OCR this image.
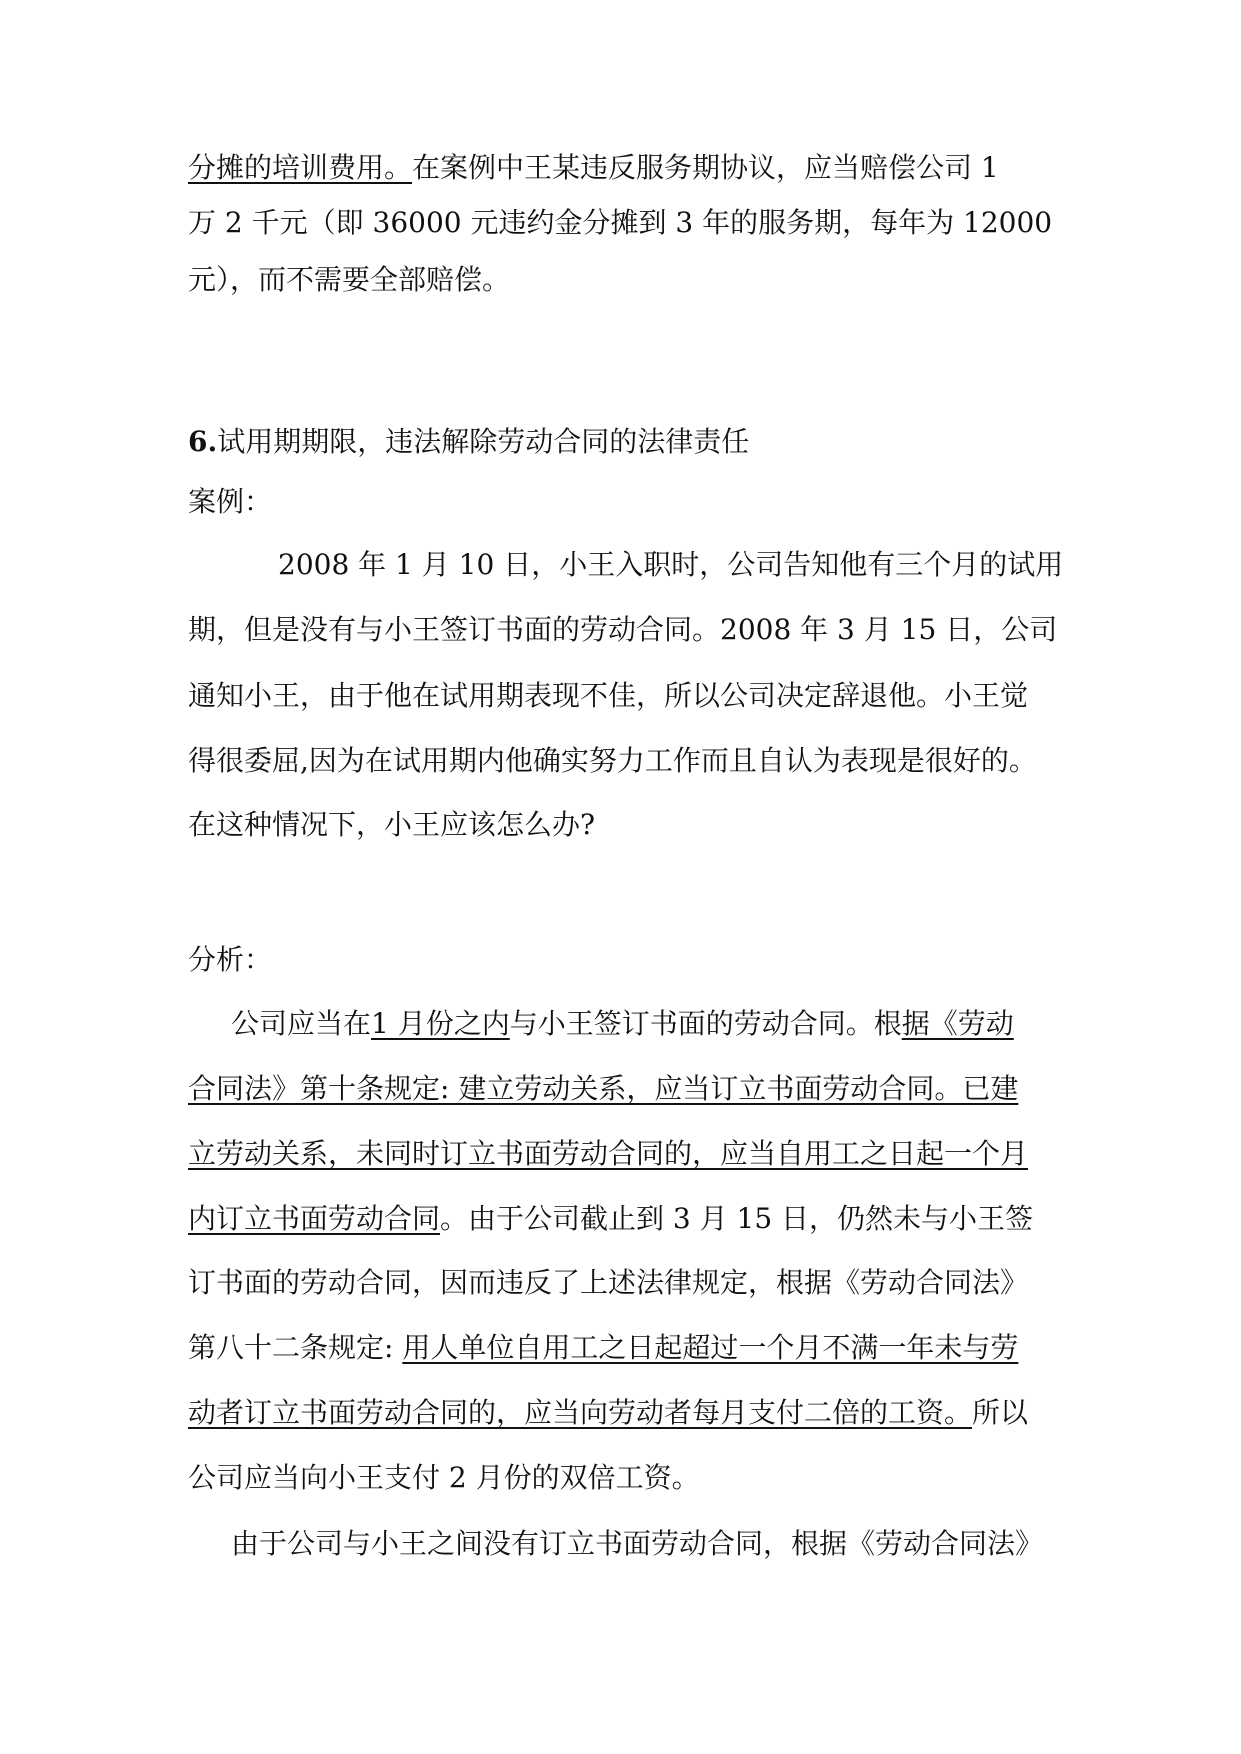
分摊的培训费用。在案例中王某违反服务期协议，应当赔偿公司 1
万 2 千元（即 36000 元违约金分摊到 3 年的服务期，每年为 12000
元），而不需要全部赔偿。
6.试用期期限，违法解除劳动合同的法律责任
案例：
2008 年 1 月 10 日，小王入职时，公司告知他有三个月的试用
期，但是没有与小王签订书面的劳动合同。2008 年 3 月 15 日，公司
通知小王，由于他在试用期表现不佳，所以公司决定辞退他。小王觉
得很委屈,因为在试用期内他确实努力工作而且自认为表现是很好的。
在这种情况下，小王应该怎么办?
分析：
公司应当在1 月份之内与小王签订书面的劳动合同。根据《劳动
合同法》第十条规定: 建立劳动关系，应当订立书面劳动合同。已建
立劳动关系，未同时订立书面劳动合同的，应当自用工之日起一个月
内订立书面劳动合同。由于公司截止到 3 月 15 日，仍然未与小王签
订书面的劳动合同，因而违反了上述法律规定，根据《劳动合同法》
第八十二条规定: 用人单位自用工之日起超过一个月不满一年未与劳
动者订立书面劳动合同的，应当向劳动者每月支付二倍的工资。所以
公司应当向小王支付 2 月份的双倍工资。
由于公司与小王之间没有订立书面劳动合同，根据《劳动合同法》
